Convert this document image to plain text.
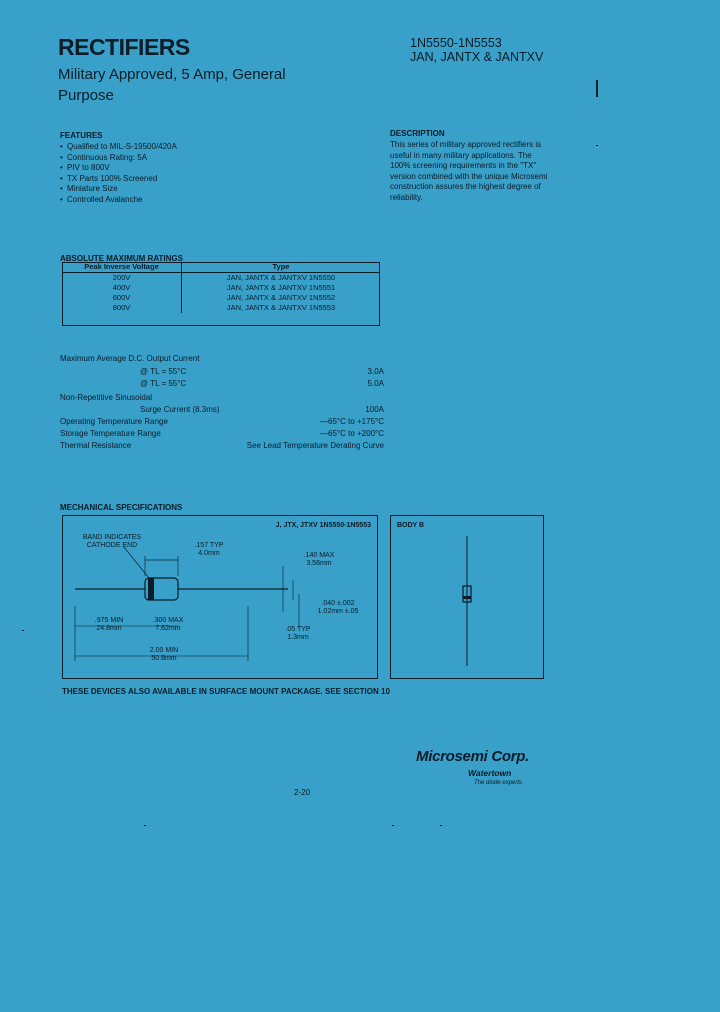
RECTIFIERS
Military Approved, 5 Amp, General Purpose
1N5550-1N5553
JAN, JANTX & JANTXV
FEATURES
• Qualified to MIL-S-19500/420A
• Continuous Rating: 5A
• PIV to 800V
• TX Parts 100% Screened
• Miniature Size
• Controlled Avalanche
DESCRIPTION

This series of military approved rectifiers is useful in many military applications. The 100% screening requirements in the "TX" version combined with the unique Microsemi construction assures the highest degree of reliability.

ABSOLUTE MAXIMUM RATINGS
Peak Inverse Voltage	Type
200V	JAN, JANTX & JANTXV 1N5550
400V	JAN, JANTX & JANTXV 1N5551
600V	JAN, JANTX & JANTXV 1N5552
800V	JAN, JANTX & JANTXV 1N5553
Maximum Average D.C. Output Current
@ TL = 55°C	3.0A
@ TL = 55°C	5.0A
Non-Repetitive Sinusoidal
Surge Current (8.3ms)	100A
Operating Temperature Range	—65°C to +175°C
Storage Temperature Range	—65°C to +200°C
Thermal Resistance	See Lead Temperature Derating Curve
MECHANICAL SPECIFICATIONS
J, JTX, JTXV 1N5550-1N5553
BAND INDICATES CATHODE END	.157 TYP
4.0mm	.140 MAX
3.56mm
.040 ±.002
1.02mm ±.05
.975 MIN
24.8mm
.300 MAX
7.62mm	.05 TYP
1.3mm
2.00 MIN
50.8mm
BODY B
THESE DEVICES ALSO AVAILABLE IN SURFACE MOUNT PACKAGE. SEE SECTION 10
Microsemi Corp.
Watertown
The diode experts
2-20
